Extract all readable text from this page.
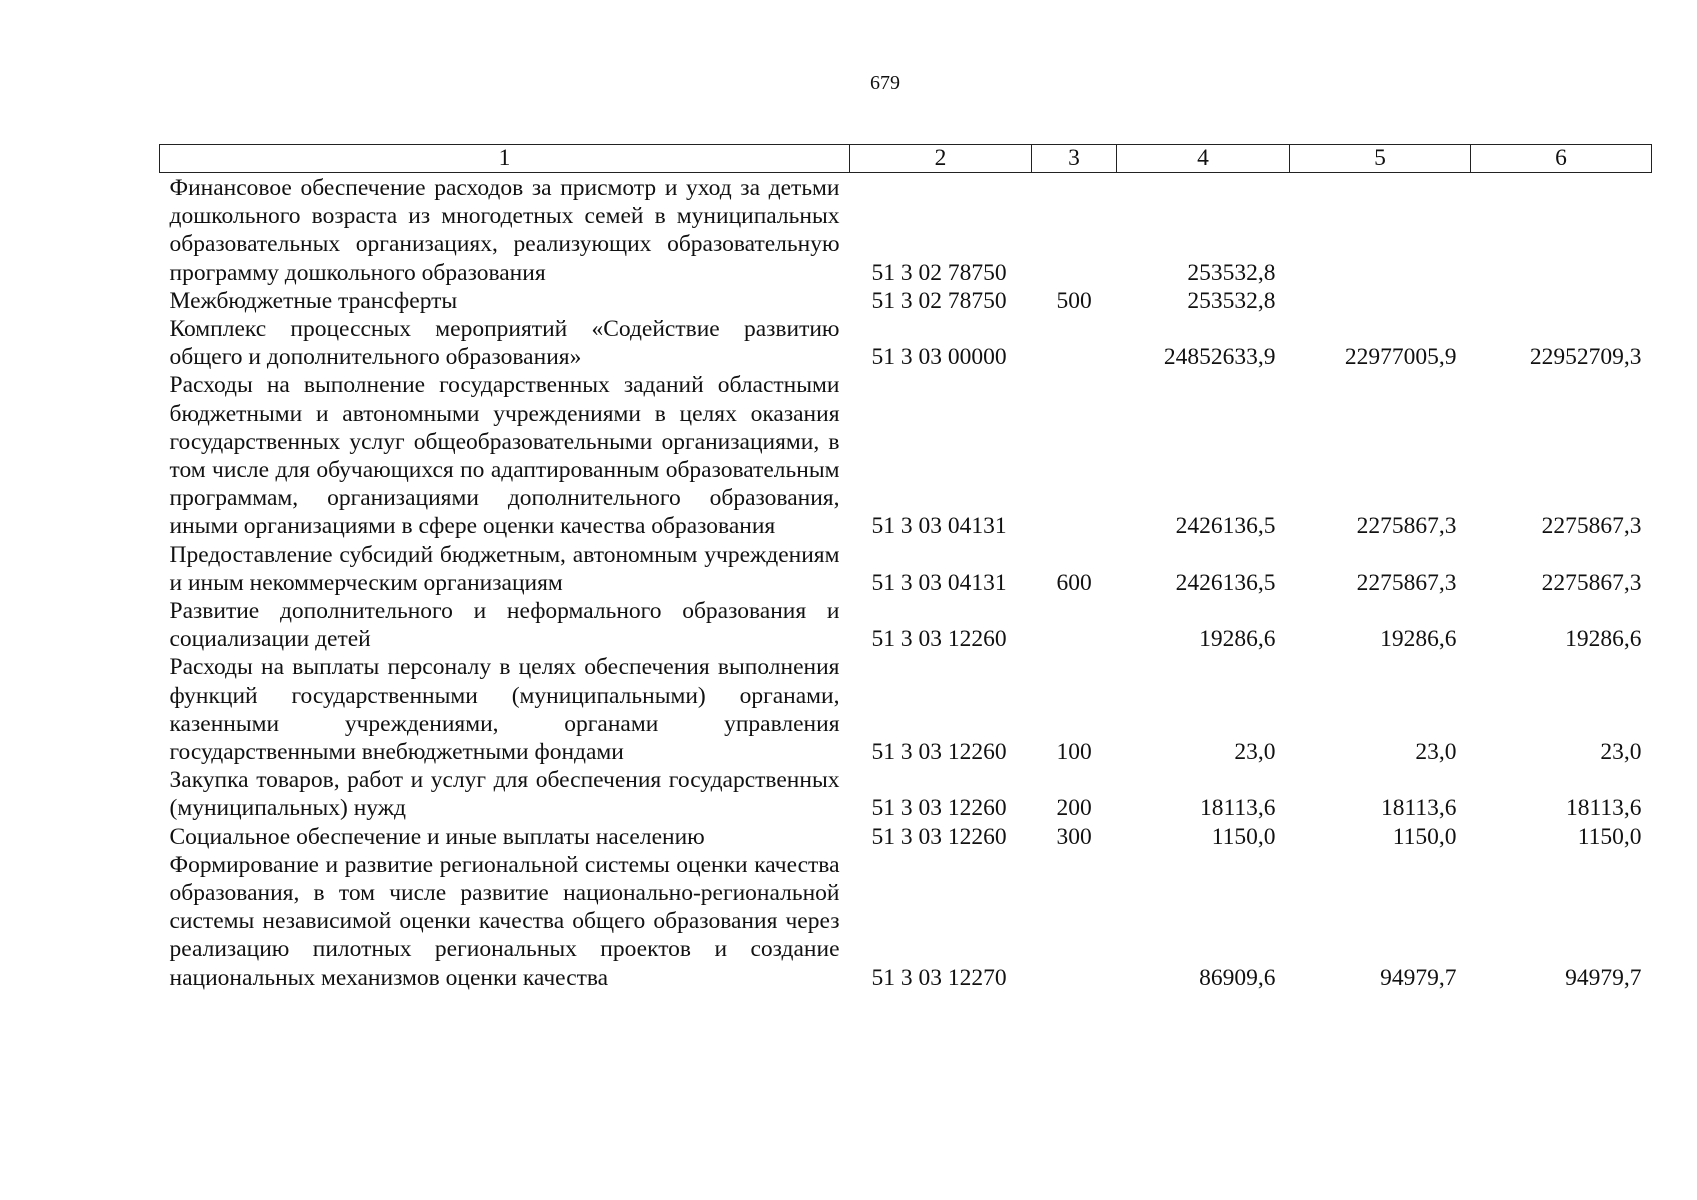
679
1	2	3	4	5	6
Финансовое обеспечение расходов за присмотр и уход за детьми дошкольного возраста из многодетных семей в муниципальных образовательных организациях, реализующих образовательную программу дошкольного образования	51 3 02 78750		253532,8		
Межбюджетные трансферты	51 3 02 78750	500	253532,8		
Комплекс процессных мероприятий «Содействие развитию общего и дополнительного образования»	51 3 03 00000		24852633,9	22977005,9	22952709,3
Расходы на выполнение государственных заданий областными бюджетными и автономными учреждениями в целях оказания государственных услуг общеобразовательными организациями, в том числе для обучающихся по адаптированным образовательным программам, организациями дополнительного образования, иными организациями в сфере оценки качества образования	51 3 03 04131		2426136,5	2275867,3	2275867,3
Предоставление субсидий бюджетным, автономным учреждениям и иным некоммерческим организациям	51 3 03 04131	600	2426136,5	2275867,3	2275867,3
Развитие дополнительного и неформального образования и социализации детей	51 3 03 12260		19286,6	19286,6	19286,6
Расходы на выплаты персоналу в целях обеспечения выполнения функций государственными (муниципальными) органами, казенными учреждениями, органами управления государственными внебюджетными фондами	51 3 03 12260	100	23,0	23,0	23,0
Закупка товаров, работ и услуг для обеспечения государственных (муниципальных) нужд	51 3 03 12260	200	18113,6	18113,6	18113,6
Социальное обеспечение и иные выплаты населению	51 3 03 12260	300	1150,0	1150,0	1150,0
Формирование и развитие региональной системы оценки качества образования, в том числе развитие национально-региональной системы независимой оценки качества общего образования через реализацию пилотных региональных проектов и создание национальных механизмов оценки качества	51 3 03 12270		86909,6	94979,7	94979,7
